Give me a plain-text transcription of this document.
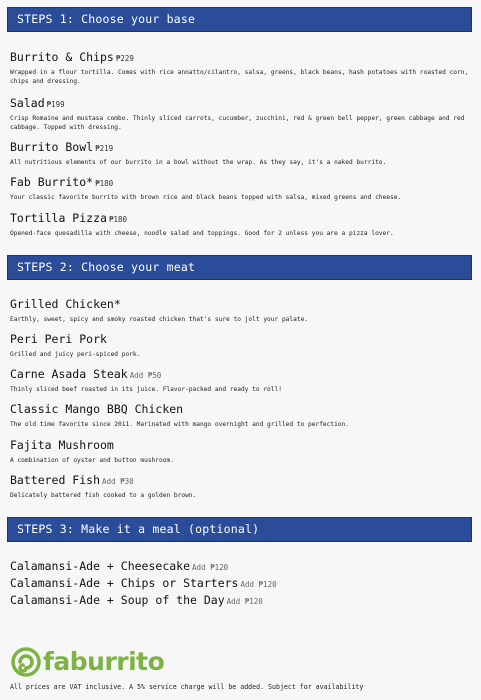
STEPS 1: Choose your base
Burrito & Chips ₱229
Wrapped in a flour tortilla. Comes with rice annatto/cilantro, salsa, greens, black beans, hash potatoes with roasted corn, chips and dressing.
Salad ₱199
Crisp Romaine and mustasa combo. Thinly sliced carrots, cucumber, zucchini, red & green bell pepper, green cabbage and red cabbage. Topped with dressing.
Burrito Bowl ₱219
All nutritious elements of our burrito in a bowl without the wrap. As they say, it's a naked burrito.
Fab Burrito* ₱180
Your classic favorite burrito with brown rice and black beans topped with salsa, mixed greens and cheese.
Tortilla Pizza ₱180
Opened-face quesadilla with cheese, noodle salad and toppings. Good for 2 unless you are a pizza lover.
STEPS 2: Choose your meat
Grilled Chicken*
Earthly, sweet, spicy and smoky roasted chicken that's sure to jolt your palate.
Peri Peri Pork
Grilled and juicy peri-spiced pork.
Carne Asada Steak Add ₱50
Thinly sliced beef roasted in its juice. Flavor-packed and ready to roll!
Classic Mango BBQ Chicken
The old time favorite since 2011. Marinated with mango overnight and grilled to perfection.
Fajita Mushroom
A combination of oyster and button mushroom.
Battered Fish Add ₱30
Delicately battered fish cooked to a golden brown.
STEPS 3: Make it a meal (optional)
Calamansi-Ade + Cheesecake Add ₱120
Calamansi-Ade + Chips or Starters Add ₱120
Calamansi-Ade + Soup of the Day Add ₱120
faburrito
All prices are VAT inclusive. A 5% service charge will be added. Subject for availability
